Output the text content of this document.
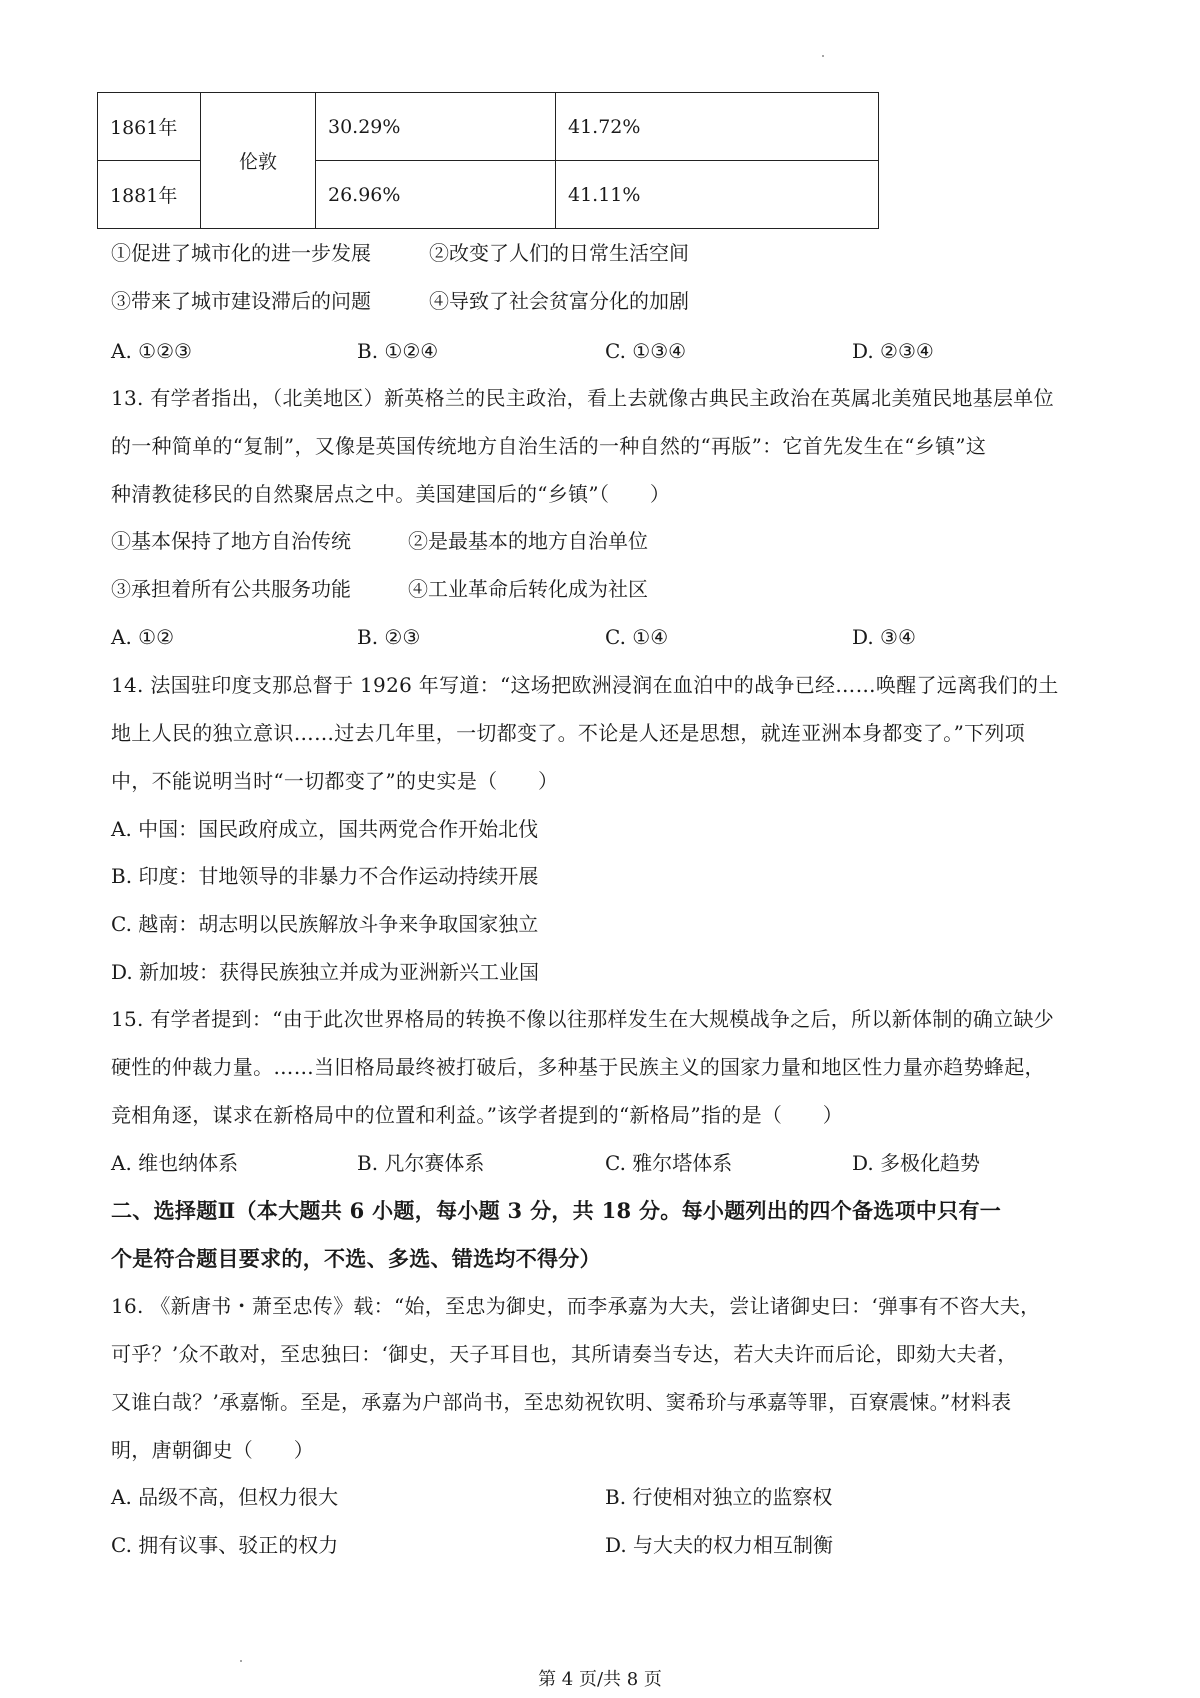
1861年	伦敦	30.29%	41.72%
1881年		26.96%	41.11%
①促进了城市化的进一步发展	②改变了人们的日常生活空间
③带来了城市建设滞后的问题	④导致了社会贫富分化的加剧
A. ①②③	B. ①②④	C. ①③④	D. ②③④
13. 有学者指出，（北美地区）新英格兰的民主政治，看上去就像古典民主政治在英属北美殖民地基层单位
的一种简单的“复制”，又像是英国传统地方自治生活的一种自然的“再版”：它首先发生在“乡镇”这
种清教徒移民的自然聚居点之中。美国建国后的“乡镇”（　　）
①基本保持了地方自治传统	②是最基本的地方自治单位
③承担着所有公共服务功能	④工业革命后转化成为社区
A. ①②	B. ②③	C. ①④	D. ③④
14. 法国驻印度支那总督于 1926 年写道：“这场把欧洲浸润在血泊中的战争已经……唤醒了远离我们的土
地上人民的独立意识……过去几年里，一切都变了。不论是人还是思想，就连亚洲本身都变了。”下列项
中，不能说明当时“一切都变了”的史实是（　　）
A. 中国：国民政府成立，国共两党合作开始北伐
B. 印度：甘地领导的非暴力不合作运动持续开展
C. 越南：胡志明以民族解放斗争来争取国家独立
D. 新加坡：获得民族独立并成为亚洲新兴工业国
15. 有学者提到：“由于此次世界格局的转换不像以往那样发生在大规模战争之后，所以新体制的确立缺少
硬性的仲裁力量。……当旧格局最终被打破后，多种基于民族主义的国家力量和地区性力量亦趋势蜂起，
竞相角逐，谋求在新格局中的位置和利益。”该学者提到的“新格局”指的是（　　）
A. 维也纳体系	B. 凡尔赛体系	C. 雅尔塔体系	D. 多极化趋势
二、选择题Ⅱ（本大题共 6 小题，每小题 3 分，共 18 分。每小题列出的四个备选项中只有一
个是符合题目要求的，不选、多选、错选均不得分）
16. 《新唐书・萧至忠传》载：“始，至忠为御史，而李承嘉为大夫，尝让诸御史曰：‘弹事有不咨大夫，
可乎？’众不敢对，至忠独曰：‘御史，天子耳目也，其所请奏当专达，若大夫许而后论，即劾大夫者，
又谁白哉？’承嘉惭。至是，承嘉为户部尚书，至忠劾祝钦明、窦希玠与承嘉等罪，百寮震悚。”材料表
明，唐朝御史（　　）
A. 品级不高，但权力很大	B. 行使相对独立的监察权
C. 拥有议事、驳正的权力	D. 与大夫的权力相互制衡
第 4 页/共 8 页
